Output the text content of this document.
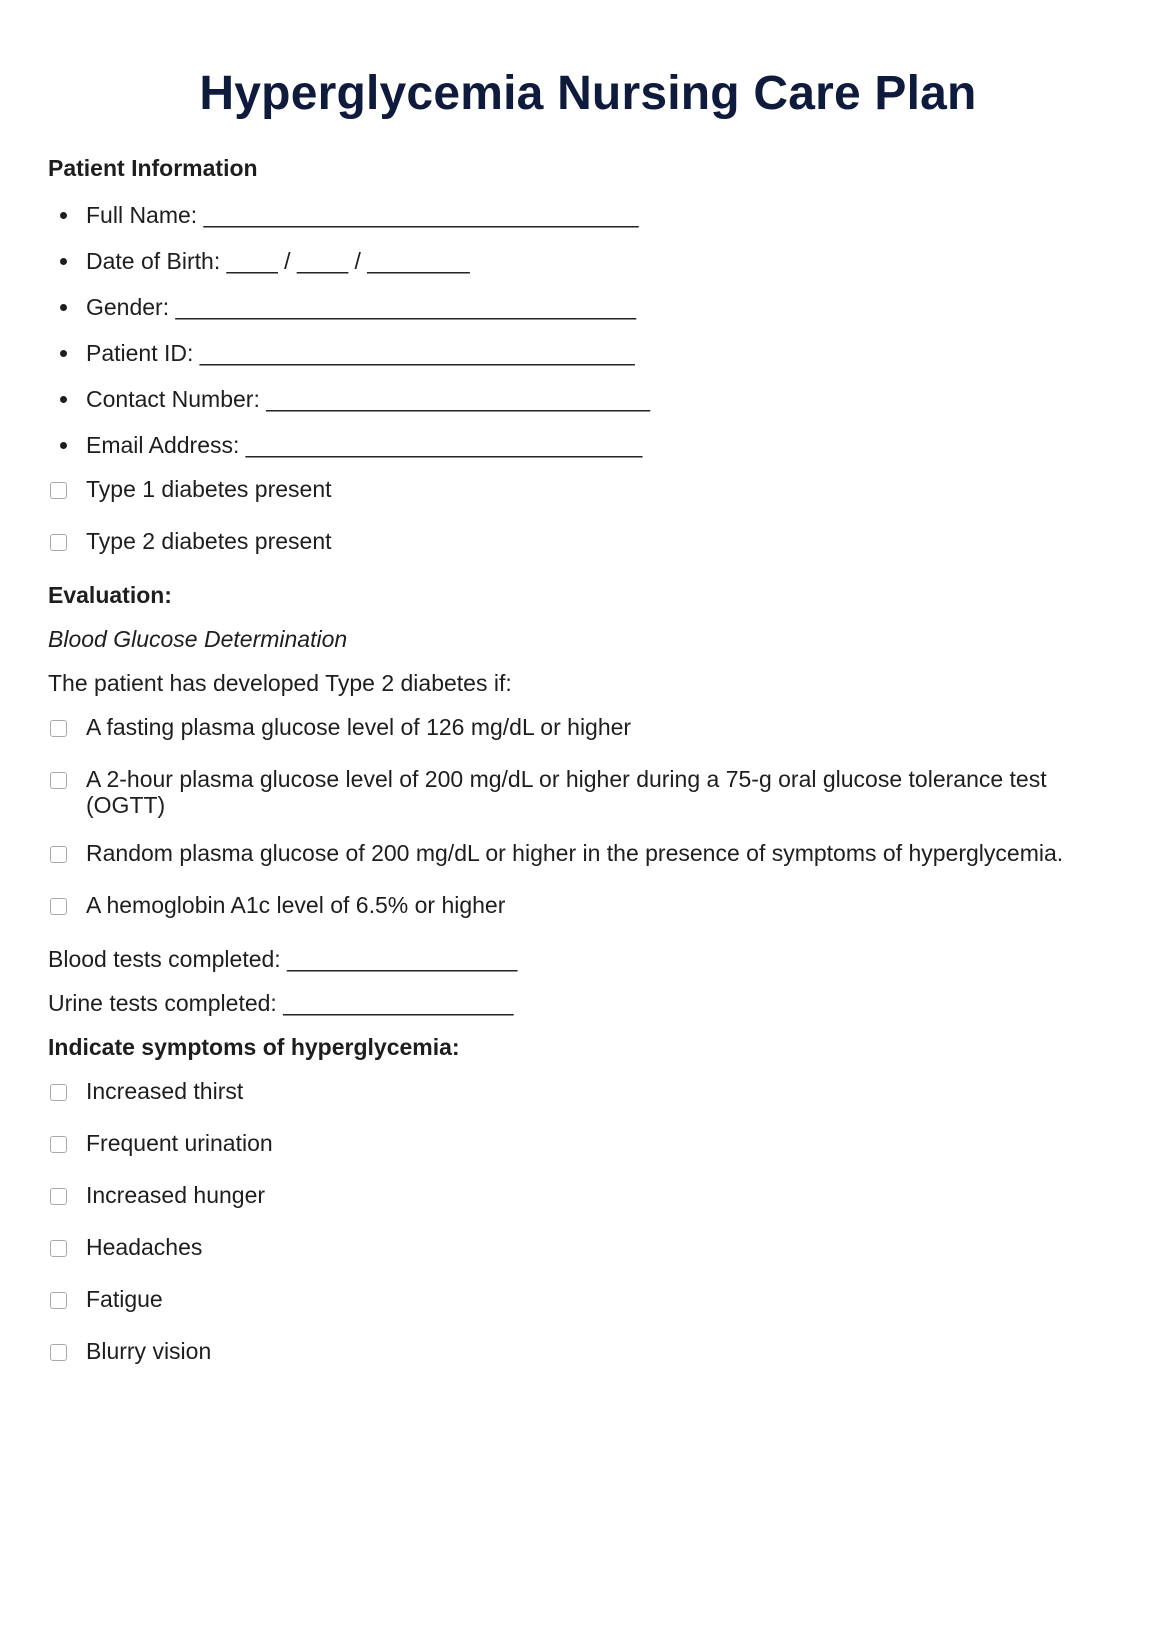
Hyperglycemia Nursing Care Plan
Patient Information
Full Name: __________________________________
Date of Birth: ____ / ____ / ________
Gender: ____________________________________
Patient ID: __________________________________
Contact Number: ______________________________
Email Address: _______________________________
Type 1 diabetes present
Type 2 diabetes present
Evaluation:
Blood Glucose Determination
The patient has developed Type 2 diabetes if:
A fasting plasma glucose level of 126 mg/dL or higher
A 2-hour plasma glucose level of 200 mg/dL or higher during a 75-g oral glucose tolerance test (OGTT)
Random plasma glucose of 200 mg/dL or higher in the presence of symptoms of hyperglycemia.
A hemoglobin A1c level of 6.5% or higher
Blood tests completed: __________________
Urine tests completed: __________________
Indicate symptoms of hyperglycemia:
Increased thirst
Frequent urination
Increased hunger
Headaches
Fatigue
Blurry vision
